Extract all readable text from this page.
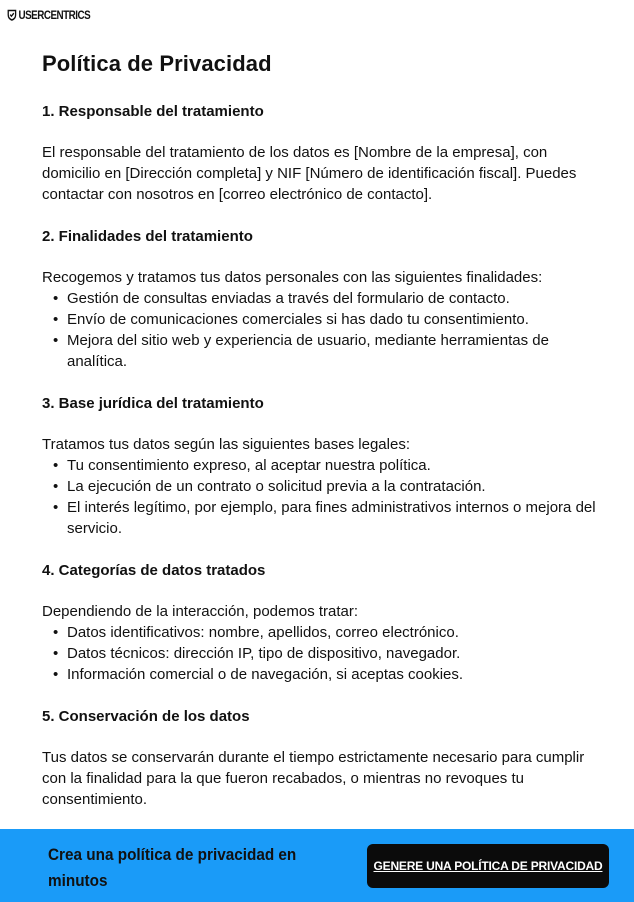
USERCENTRICS
Política de Privacidad
1. Responsable del tratamiento

El responsable del tratamiento de los datos es [Nombre de la empresa], con domicilio en [Dirección completa] y NIF [Número de identificación fiscal]. Puedes contactar con nosotros en [correo electrónico de contacto].

2. Finalidades del tratamiento

Recogemos y tratamos tus datos personales con las siguientes finalidades:

• Gestión de consultas enviadas a través del formulario de contacto.
• Envío de comunicaciones comerciales si has dado tu consentimiento.
• Mejora del sitio web y experiencia de usuario, mediante herramientas de analítica.
3. Base jurídica del tratamiento

Tratamos tus datos según las siguientes bases legales:

• Tu consentimiento expreso, al aceptar nuestra política.
• La ejecución de un contrato o solicitud previa a la contratación.
• El interés legítimo, por ejemplo, para fines administrativos internos o mejora del servicio.
4. Categorías de datos tratados

Dependiendo de la interacción, podemos tratar:

• Datos identificativos: nombre, apellidos, correo electrónico.
• Datos técnicos: dirección IP, tipo de dispositivo, navegador.
• Información comercial o de navegación, si aceptas cookies.
5. Conservación de los datos

Tus datos se conservarán durante el tiempo estrictamente necesario para cumplir con la finalidad para la que fueron recabados, o mientras no revoques tu consentimiento.

Crea una política de privacidad en minutos
GENERE UNA POLÍTICA DE PRIVACIDAD
